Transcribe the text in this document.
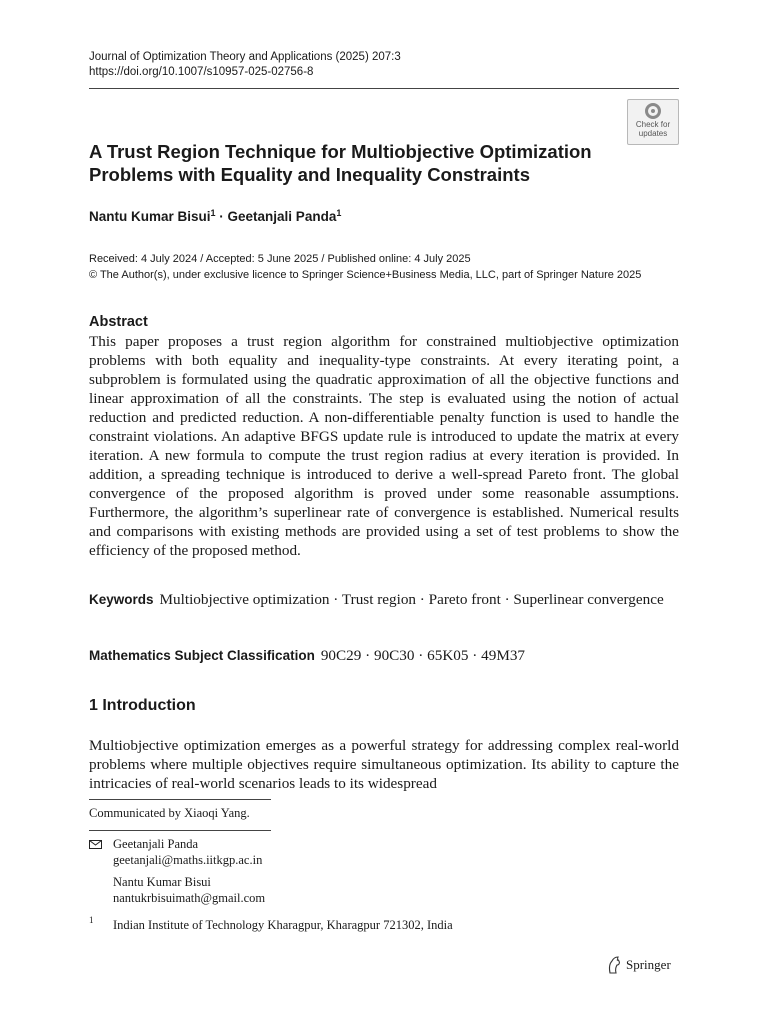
Journal of Optimization Theory and Applications (2025) 207:3
https://doi.org/10.1007/s10957-025-02756-8
Check for
updates
A Trust Region Technique for Multiobjective Optimization Problems with Equality and Inequality Constraints
Nantu Kumar Bisui$^1$ · Geetanjali Panda$^1$
Received: 4 July 2024 / Accepted: 5 June 2025 / Published online: 4 July 2025
© The Author(s), under exclusive licence to Springer Science+Business Media, LLC, part of Springer Nature 2025
Abstract
This paper proposes a trust region algorithm for constrained multiobjective optimization problems with both equality and inequality-type constraints. At every iterating point, a subproblem is formulated using the quadratic approximation of all the objective functions and linear approximation of all the constraints. The step is evaluated using the notion of actual reduction and predicted reduction. A non-differentiable penalty function is used to handle the constraint violations. An adaptive BFGS update rule is introduced to update the matrix at every iteration. A new formula to compute the trust region radius at every iteration is provided. In addition, a spreading technique is introduced to derive a well-spread Pareto front. The global convergence of the proposed algorithm is proved under some reasonable assumptions. Furthermore, the algorithm’s superlinear rate of convergence is established. Numerical results and comparisons with existing methods are provided using a set of test problems to show the efficiency of the proposed method.
Keywords Multiobjective optimization · Trust region · Pareto front · Superlinear convergence
Mathematics Subject Classification 90C29 · 90C30 · 65K05 · 49M37
1 Introduction
Multiobjective optimization emerges as a powerful strategy for addressing complex real-world problems where multiple objectives require simultaneous optimization. Its ability to capture the intricacies of real-world scenarios leads to its widespread
Communicated by Xiaoqi Yang.
Geetanjali Panda
geetanjali@maths.iitkgp.ac.in
Nantu Kumar Bisui
nantukrbisuimath@gmail.com
1 Indian Institute of Technology Kharagpur, Kharagpur 721302, India
Springer
